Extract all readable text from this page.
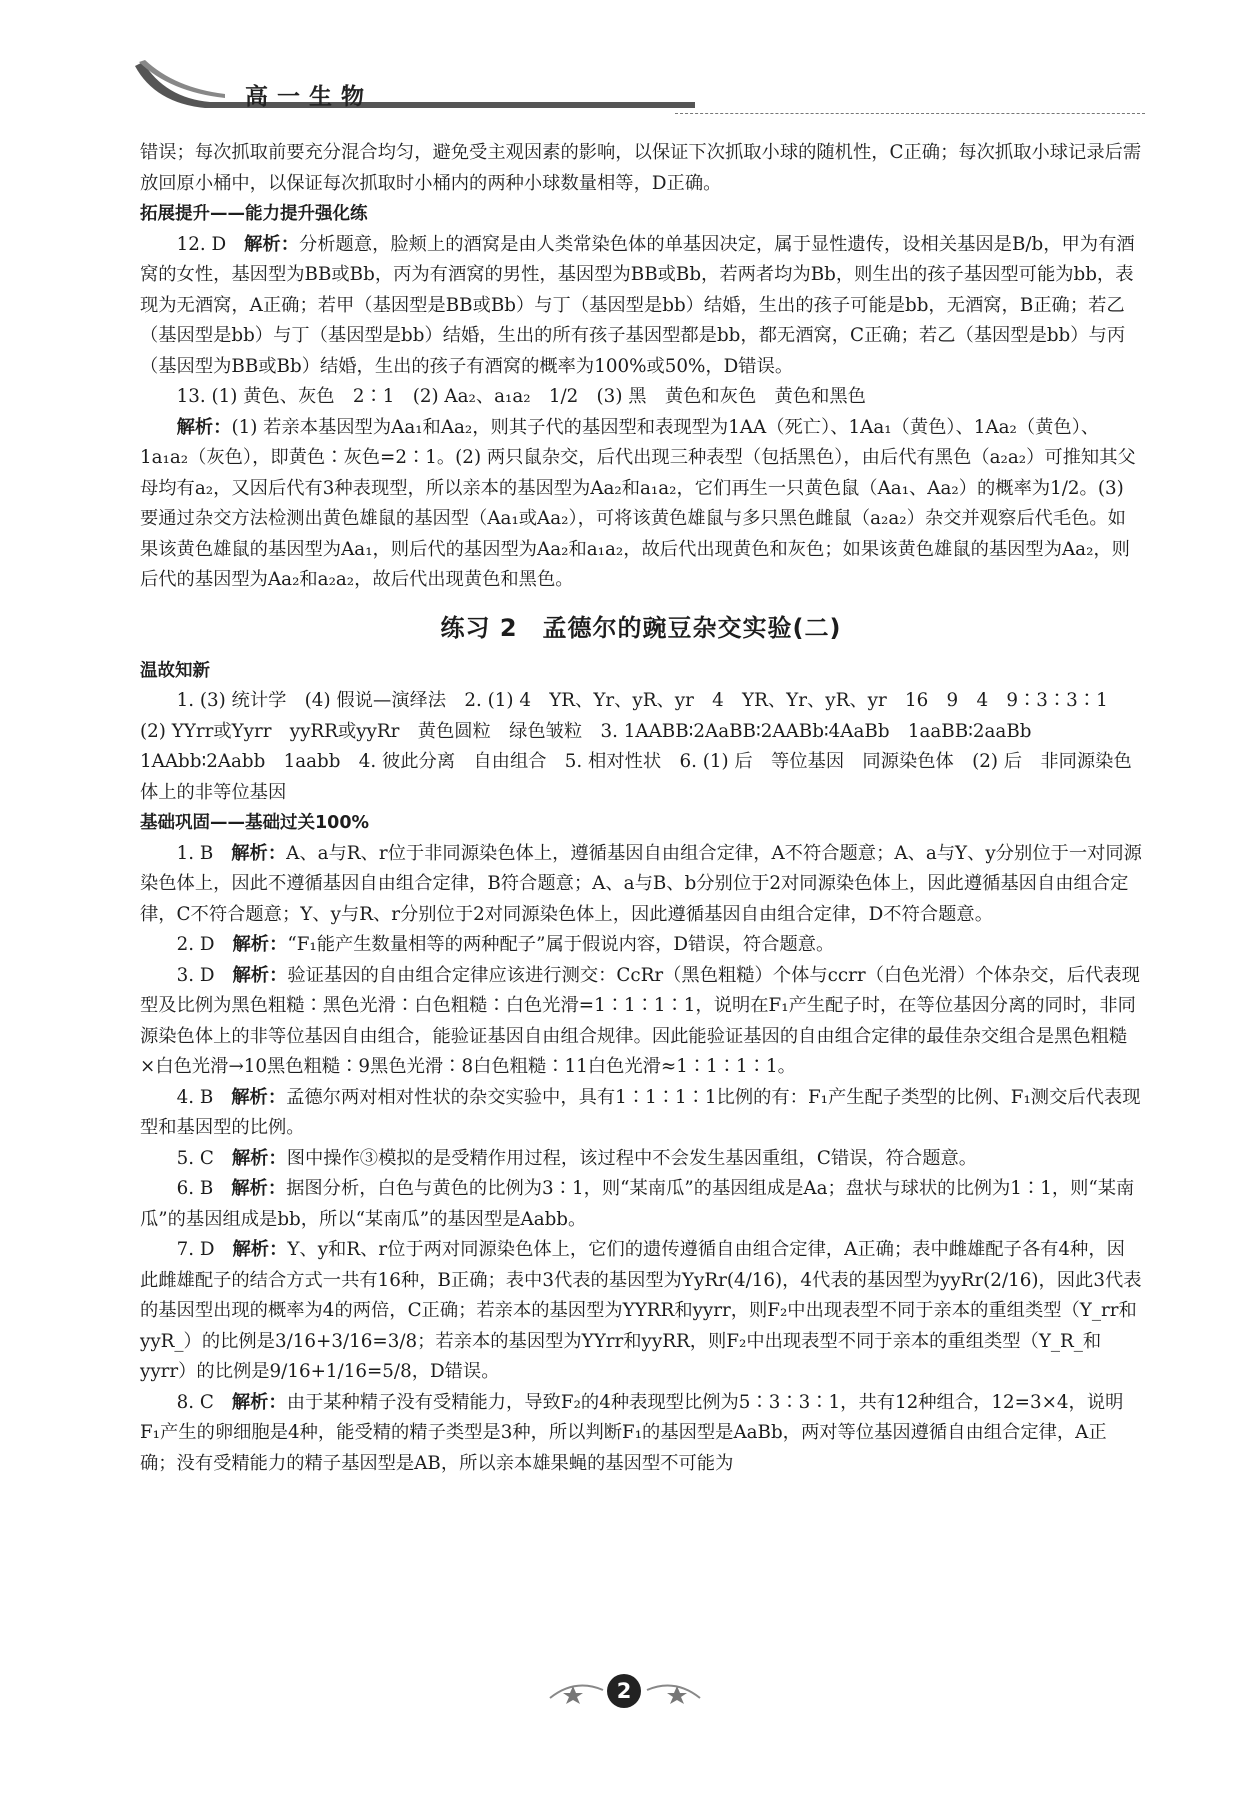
高一生物

错误；每次抓取前要充分混合均匀，避免受主观因素的影响，以保证下次抓取小球的随机性，C正确；每次抓取小球记录后需放回原小桶中，以保证每次抓取时小桶内的两种小球数量相等，D正确。

拓展提升——能力提升强化练

12. D 解析：分析题意，脸颊上的酒窝是由人类常染色体的单基因决定，属于显性遗传，设相关基因是B/b，甲为有酒窝的女性，基因型为BB或Bb，丙为有酒窝的男性，基因型为BB或Bb，若两者均为Bb，则生出的孩子基因型可能为bb，表现为无酒窝，A正确；若甲（基因型是BB或Bb）与丁（基因型是bb）结婚，生出的孩子可能是bb，无酒窝，B正确；若乙（基因型是bb）与丁（基因型是bb）结婚，生出的所有孩子基因型都是bb，都无酒窝，C正确；若乙（基因型是bb）与丙（基因型为BB或Bb）结婚，生出的孩子有酒窝的概率为100%或50%，D错误。

13. (1) 黄色、灰色　2∶1　(2) Aa₂、a₁a₂　1/2　(3) 黑　黄色和灰色　黄色和黑色

解析：(1) 若亲本基因型为Aa₁和Aa₂，则其子代的基因型和表现型为1AA（死亡）、1Aa₁（黄色）、1Aa₂（黄色）、1a₁a₂（灰色），即黄色∶灰色=2∶1。(2) 两只鼠杂交，后代出现三种表型（包括黑色），由后代有黑色（a₂a₂）可推知其父母均有a₂，又因后代有3种表现型，所以亲本的基因型为Aa₂和a₁a₂，它们再生一只黄色鼠（Aa₁、Aa₂）的概率为1/2。(3) 要通过杂交方法检测出黄色雄鼠的基因型（Aa₁或Aa₂），可将该黄色雄鼠与多只黑色雌鼠（a₂a₂）杂交并观察后代毛色。如果该黄色雄鼠的基因型为Aa₁，则后代的基因型为Aa₂和a₁a₂，故后代出现黄色和灰色；如果该黄色雄鼠的基因型为Aa₂，则后代的基因型为Aa₂和a₂a₂，故后代出现黄色和黑色。

练习 2　孟德尔的豌豆杂交实验(二)

温故知新

1. (3) 统计学　(4) 假说—演绎法　2. (1) 4　YR、Yr、yR、yr　4　YR、Yr、yR、yr　16　9　4　9∶3∶3∶1　(2) YYrr或Yyrr　yyRR或yyRr　黄色圆粒　绿色皱粒　3. 1AABB∶2AaBB∶2AABb∶4AaBb　1aaBB∶2aaBb　1AAbb∶2Aabb　1aabb　4. 彼此分离　自由组合　5. 相对性状　6. (1) 后　等位基因　同源染色体　(2) 后　非同源染色体上的非等位基因

基础巩固——基础过关100%

1. B 解析：A、a与R、r位于非同源染色体上，遵循基因自由组合定律，A不符合题意；A、a与Y、y分别位于一对同源染色体上，因此不遵循基因自由组合定律，B符合题意；A、a与B、b分别位于2对同源染色体上，因此遵循基因自由组合定律，C不符合题意；Y、y与R、r分别位于2对同源染色体上，因此遵循基因自由组合定律，D不符合题意。

2. D 解析：“F₁能产生数量相等的两种配子”属于假说内容，D错误，符合题意。

3. D 解析：验证基因的自由组合定律应该进行测交：CcRr（黑色粗糙）个体与ccrr（白色光滑）个体杂交，后代表现型及比例为黑色粗糙∶黑色光滑∶白色粗糙∶白色光滑=1∶1∶1∶1，说明在F₁产生配子时，在等位基因分离的同时，非同源染色体上的非等位基因自由组合，能验证基因自由组合规律。因此能验证基因的自由组合定律的最佳杂交组合是黑色粗糙×白色光滑→10黑色粗糙∶9黑色光滑∶8白色粗糙∶11白色光滑≈1∶1∶1∶1。

4. B 解析：孟德尔两对相对性状的杂交实验中，具有1∶1∶1∶1比例的有：F₁产生配子类型的比例、F₁测交后代表现型和基因型的比例。

5. C 解析：图中操作③模拟的是受精作用过程，该过程中不会发生基因重组，C错误，符合题意。

6. B 解析：据图分析，白色与黄色的比例为3∶1，则“某南瓜”的基因组成是Aa；盘状与球状的比例为1∶1，则“某南瓜”的基因组成是bb，所以“某南瓜”的基因型是Aabb。

7. D 解析：Y、y和R、r位于两对同源染色体上，它们的遗传遵循自由组合定律，A正确；表中雌雄配子各有4种，因此雌雄配子的结合方式一共有16种，B正确；表中3代表的基因型为YyRr(4/16)，4代表的基因型为yyRr(2/16)，因此3代表的基因型出现的概率为4的两倍，C正确；若亲本的基因型为YYRR和yyrr，则F₂中出现表型不同于亲本的重组类型（Y_rr和yyR_）的比例是3/16+3/16=3/8；若亲本的基因型为YYrr和yyRR，则F₂中出现表型不同于亲本的重组类型（Y_R_和yyrr）的比例是9/16+1/16=5/8，D错误。

8. C 解析：由于某种精子没有受精能力，导致F₂的4种表现型比例为5∶3∶3∶1，共有12种组合，12=3×4，说明F₁产生的卵细胞是4种，能受精的精子类型是3种，所以判断F₁的基因型是AaBb，两对等位基因遵循自由组合定律，A正确；没有受精能力的精子基因型是AB，所以亲本雄果蝇的基因型不可能为

2
